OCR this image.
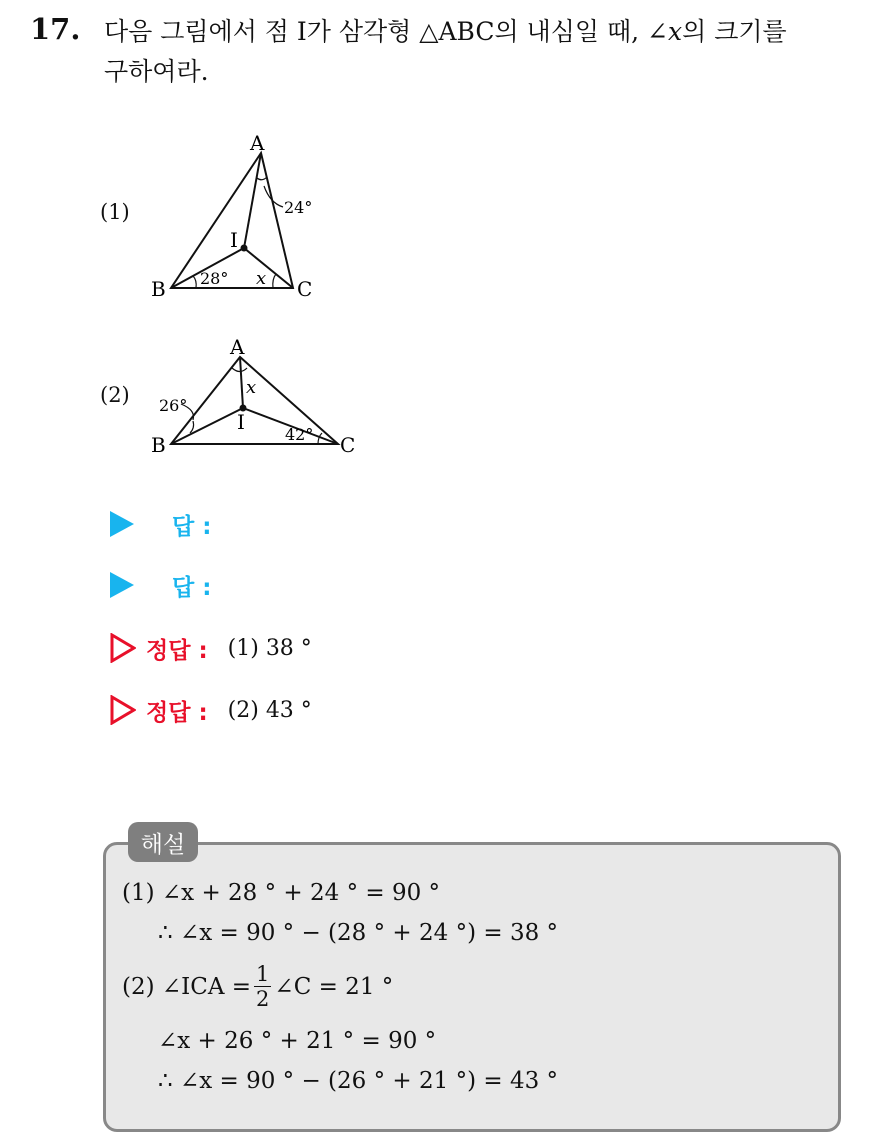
17. 다음 그림에서 점 I가 삼각형 △ABC의 내심일 때, ∠x의 크기를
구하여라.
(1)
A
B	C
I
24°
28° x
(2)
A
B	C
I
x
26°
42°
답 :
답 :
정답 : (1) 38 °
정답 : (2) 43 °
해설
(1) ∠x + 28 ° + 24 ° = 90 °
∴ ∠x = 90 ° − (28 ° + 24 °) = 38 °
(2) ∠ICA = $\frac{1}{2}$ ∠C = 21 °
∠x + 26 ° + 21 ° = 90 °
∴ ∠x = 90 ° − (26 ° + 21 °) = 43 °
